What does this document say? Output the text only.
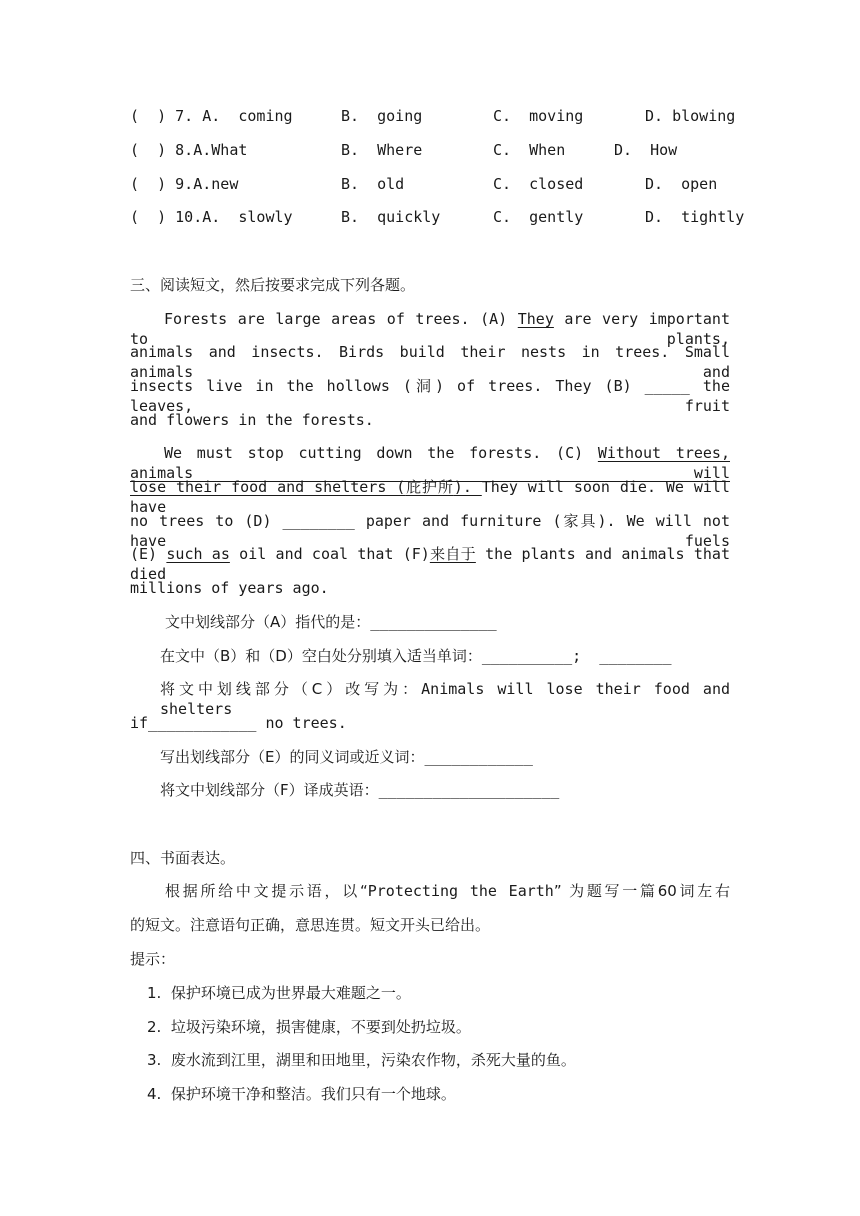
(  ) 7. A.  coming	B.  going	C.  moving	D. blowing
(  ) 8.A.What	B.  Where	C.  When	D.  How
(  ) 9.A.new	B.  old	C.  closed	D.  open
(  ) 10.A.  slowly	B.  quickly	C.  gently	D.  tightly
三、阅读短文，然后按要求完成下列各题。
Forests are large areas of trees. (A) They are very important to plants,
animals and insects. Birds build their nests in trees. Small animals and
insects live in the hollows (洞) of trees. They (B) _____ the leaves, fruit
and flowers in the forests.
We must stop cutting down the forests. (C) Without trees, animals will
lose their food and shelters (庇护所). They will soon die. We will have
no trees to (D) ________ paper and furniture (家具). We will not have fuels
(E) such as oil and coal that (F)来自于 the plants and animals that died
millions of years ago.
文中划线部分（A）指代的是：______________
在文中（B）和（D）空白处分别填入适当单词：__________;  ________
将文中划线部分（C）改写为：Animals will lose their food and shelters
if____________ no trees.
写出划线部分（E）的同义词或近义词：____________
将文中划线部分（F）译成英语：____________________
四、书面表达。
根据所给中文提示语，以“Protecting the Earth” 为题写一篇60词左右
的短文。注意语句正确，意思连贯。短文开头已给出。
提示：
1.  保护环境已成为世界最大难题之一。
2.  垃圾污染环境，损害健康，不要到处扔垃圾。
3.  废水流到江里，湖里和田地里，污染农作物，杀死大量的鱼。
4.  保护环境干净和整洁。我们只有一个地球。
